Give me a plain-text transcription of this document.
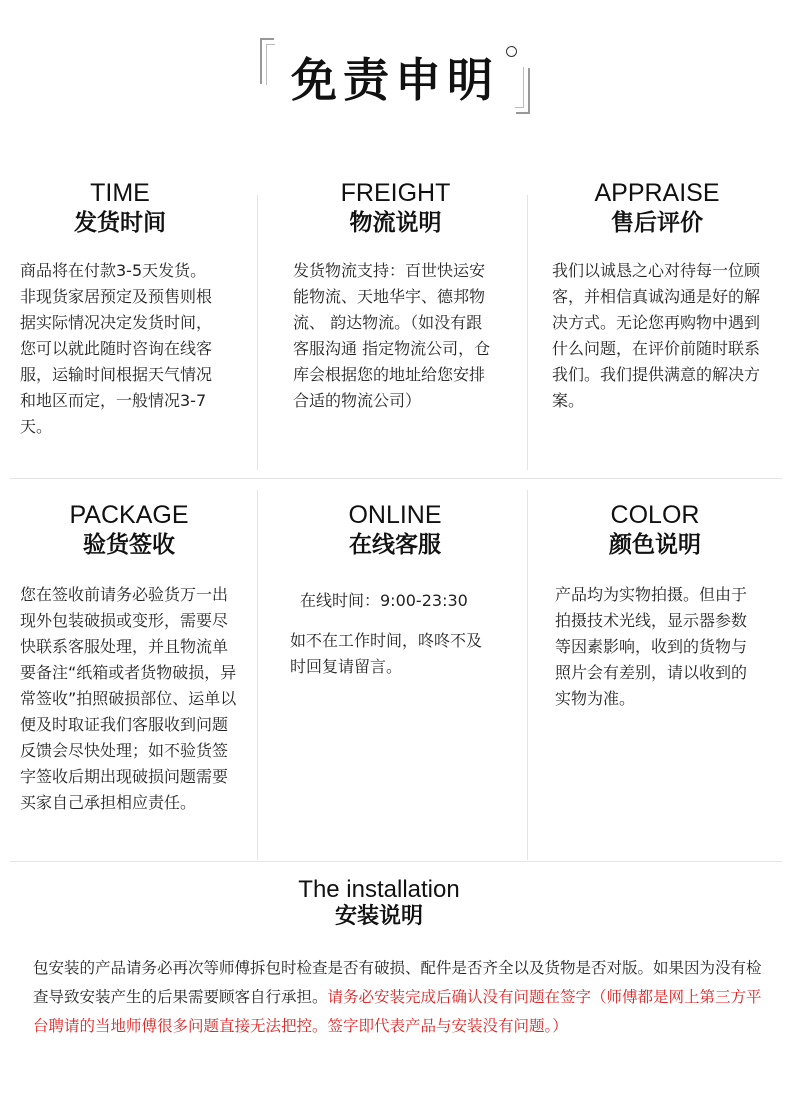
免责申明
TIME
发货时间
商品将在付款3-5天发货。非现货家居预定及预售则根据实际情况决定发货时间，您可以就此随时咨询在线客服，运输时间根据天气情况和地区而定，一般情况3-7天。
FREIGHT
物流说明
发货物流支持：百世快运安能物流、天地华宇、德邦物流、 韵达物流。（如没有跟客服沟通 指定物流公司，仓库会根据您的地址给您安排合适的物流公司）
APPRAISE
售后评价
我们以诚恳之心对待每一位顾客，并相信真诚沟通是好的解决方式。无论您再购物中遇到什么问题，在评价前随时联系我们。我们提供满意的解决方案。
PACKAGE
验货签收
您在签收前请务必验货万一出现外包装破损或变形，需要尽快联系客服处理，并且物流单要备注“纸箱或者货物破损，异常签收”拍照破损部位、运单以便及时取证我们客服收到问题反馈会尽快处理；如不验货签字签收后期出现破损问题需要买家自己承担相应责任。
ONLINE
在线客服
在线时间：9:00-23:30
如不在工作时间，咚咚不及时回复请留言。
COLOR
颜色说明
产品均为实物拍摄。但由于拍摄技术光线，显示器参数等因素影响，收到的货物与照片会有差别，请以收到的实物为准。
The installation
安装说明
包安装的产品请务必再次等师傅拆包时检查是否有破损、配件是否齐全以及货物是否对版。如果因为没有检查导致安装产生的后果需要顾客自行承担。请务必安装完成后确认没有问题在签字（师傅都是网上第三方平台聘请的当地师傅很多问题直接无法把控。签字即代表产品与安装没有问题。）
